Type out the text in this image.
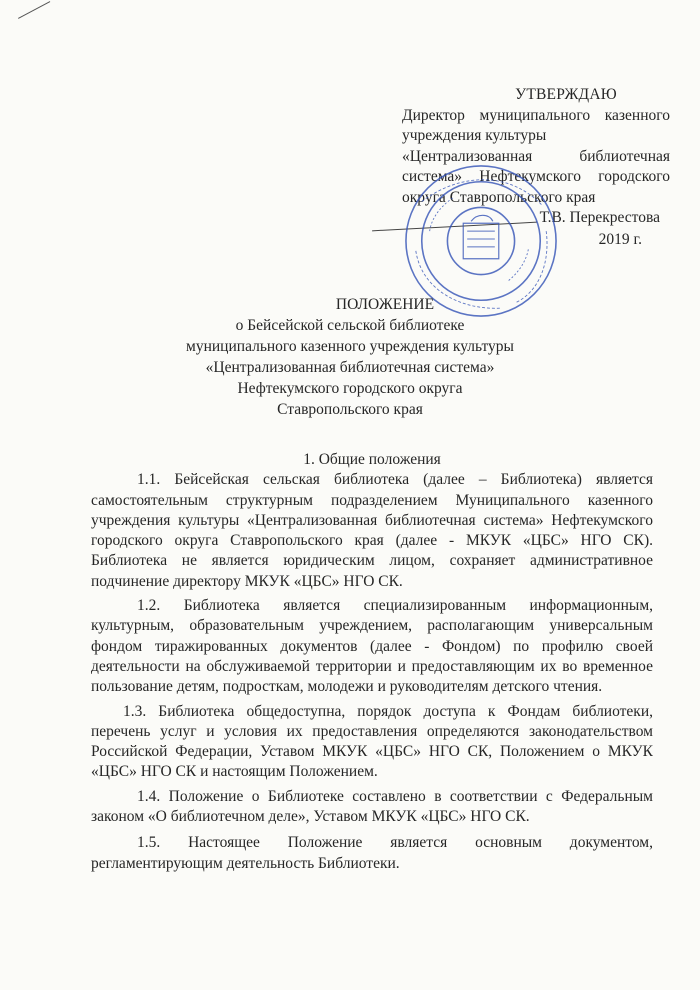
УТВЕРЖДАЮ
Директор муниципального казенного
учреждения культуры
«Централизованная библиотечная
система» Нефтекумского городского
округа Ставропольского края
Т.В. Перекрестова
2019 г.
ПОЛОЖЕНИЕ
о Бейсейской сельской библиотеке
муниципального казенного учреждения культуры
«Централизованная библиотечная система»
Нефтекумского городского округа
Ставропольского края
1. Общие положения

1.1. Бейсейская сельская библиотека (далее – Библиотека) является самостоятельным структурным подразделением Муниципального казенного учреждения культуры «Централизованная библиотечная система» Нефтекумского городского округа Ставропольского края (далее - МКУК «ЦБС» НГО СК). Библиотека не является юридическим лицом, сохраняет административное подчинение директору МКУК «ЦБС» НГО СК.

1.2. Библиотека является специализированным информационным, культурным, образовательным учреждением, располагающим универсальным фондом тиражированных документов (далее - Фондом) по профилю своей деятельности на обслуживаемой территории и предоставляющим их во временное пользование детям, подросткам, молодежи и руководителям детского чтения.

1.3. Библиотека общедоступна, порядок доступа к Фондам библиотеки, перечень услуг и условия их предоставления определяются законодательством Российской Федерации, Уставом МКУК «ЦБС» НГО СК, Положением о МКУК «ЦБС» НГО СК и настоящим Положением.

1.4. Положение о Библиотеке составлено в соответствии с Федеральным законом «О библиотечном деле», Уставом МКУК «ЦБС» НГО СК.

1.5. Настоящее Положение является основным документом, регламентирующим деятельность Библиотеки.
